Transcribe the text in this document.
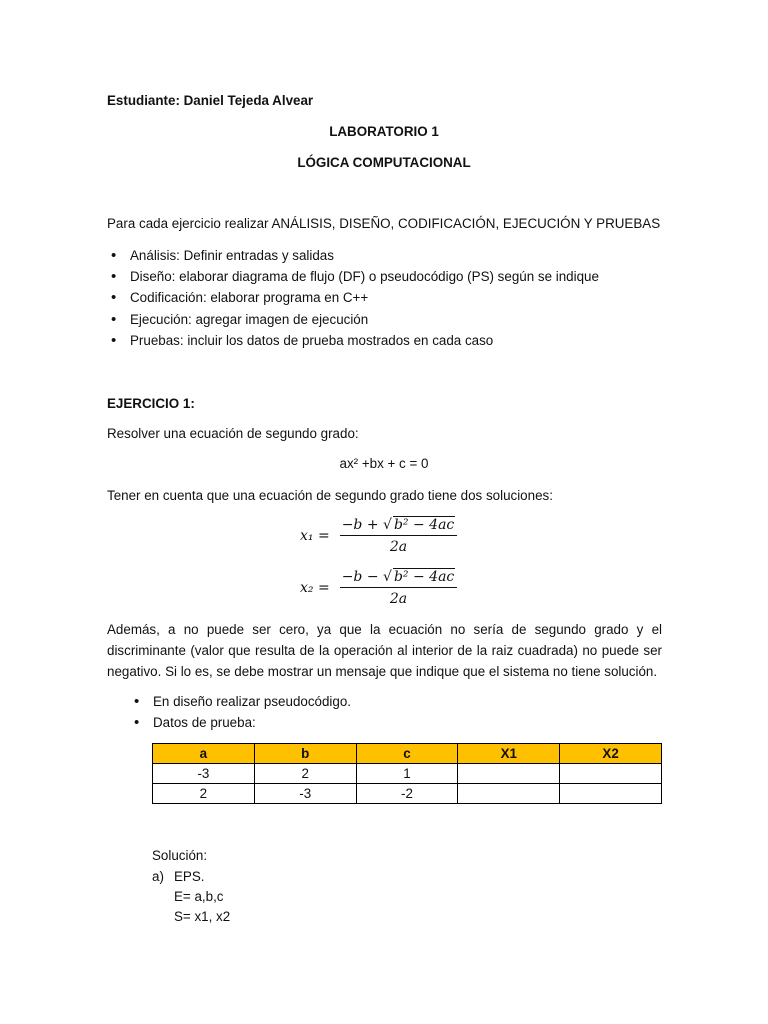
Estudiante: Daniel Tejeda Alvear

LABORATORIO 1

LÓGICA COMPUTACIONAL

Para cada ejercicio realizar ANÁLISIS, DISEÑO, CODIFICACIÓN, EJECUCIÓN Y PRUEBAS

• Análisis: Definir entradas y salidas
• Diseño: elaborar diagrama de flujo (DF) o pseudocódigo (PS) según se indique
• Codificación: elaborar programa en C++
• Ejecución: agregar imagen de ejecución
• Pruebas: incluir los datos de prueba mostrados en cada caso

EJERCICIO 1:

Resolver una ecuación de segundo grado:

ax² +bx + c = 0

Tener en cuenta que una ecuación de segundo grado tiene dos soluciones:

$x_1 = \frac{\text{−b + √ b² − 4ac}}{2a}$
$x_2 = \frac{\text{−b − √ b² − 4ac}}{2a}$
Además, a no puede ser cero, ya que la ecuación no sería de segundo grado y el
discriminante (valor que resulta de la operación al interior de la raiz cuadrada) no puede ser
negativo. Si lo es, se debe mostrar un mensaje que indique que el sistema no tiene solución.
• En diseño realizar pseudocódigo.
• Datos de prueba:
a	b	c	X1	X2
-3	2	1		
2	-3	-2		

Solución:

a) EPS.

E= a,b,c

S= x1, x2
